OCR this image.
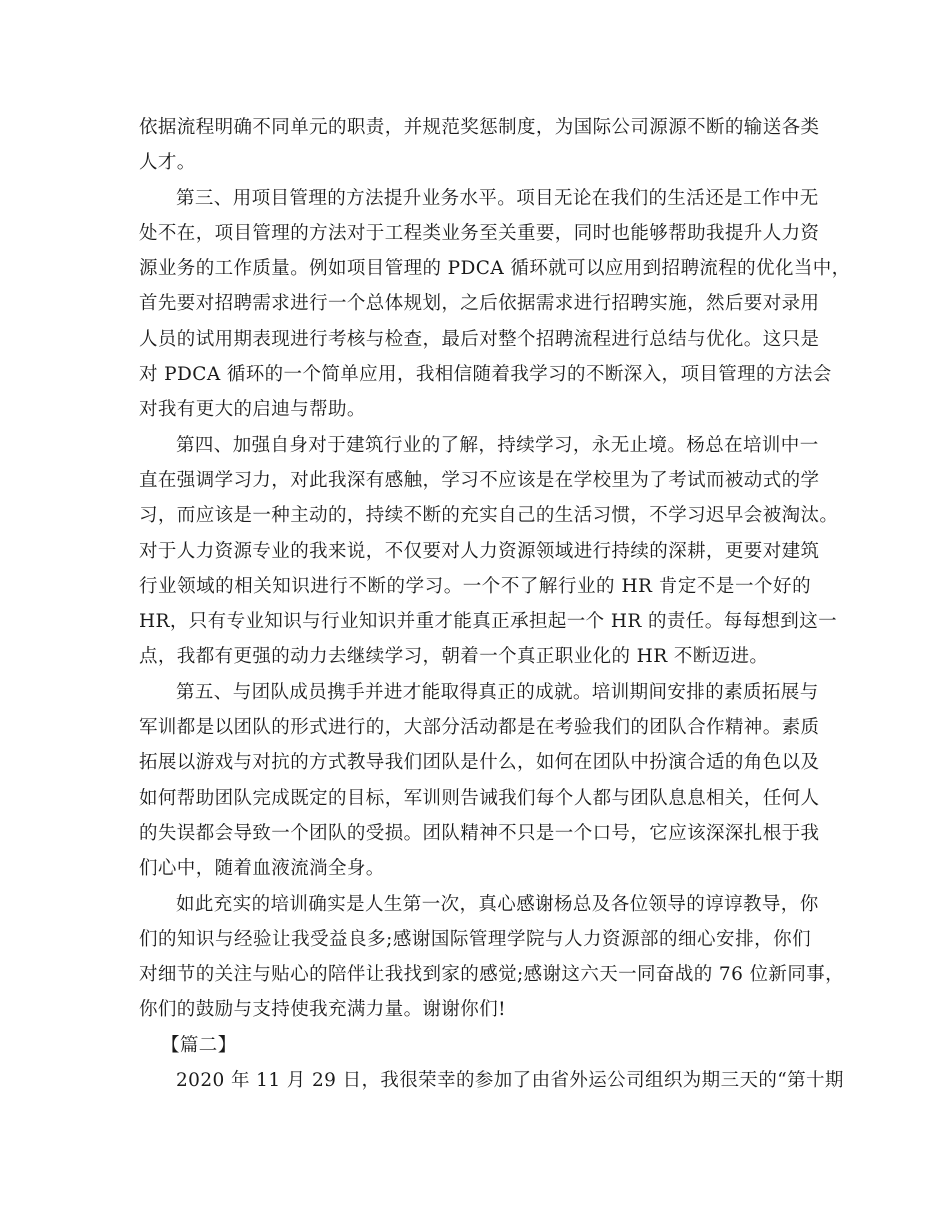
依据流程明确不同单元的职责，并规范奖惩制度，为国际公司源源不断的输送各类
人才。
第三、用项目管理的方法提升业务水平。项目无论在我们的生活还是工作中无
处不在，项目管理的方法对于工程类业务至关重要，同时也能够帮助我提升人力资
源业务的工作质量。例如项目管理的 PDCA 循环就可以应用到招聘流程的优化当中，
首先要对招聘需求进行一个总体规划，之后依据需求进行招聘实施，然后要对录用
人员的试用期表现进行考核与检查，最后对整个招聘流程进行总结与优化。这只是
对 PDCA 循环的一个简单应用，我相信随着我学习的不断深入，项目管理的方法会
对我有更大的启迪与帮助。
第四、加强自身对于建筑行业的了解，持续学习，永无止境。杨总在培训中一
直在强调学习力，对此我深有感触，学习不应该是在学校里为了考试而被动式的学
习，而应该是一种主动的，持续不断的充实自己的生活习惯，不学习迟早会被淘汰。
对于人力资源专业的我来说，不仅要对人力资源领域进行持续的深耕，更要对建筑
行业领域的相关知识进行不断的学习。一个不了解行业的 HR 肯定不是一个好的
HR，只有专业知识与行业知识并重才能真正承担起一个 HR 的责任。每每想到这一
点，我都有更强的动力去继续学习，朝着一个真正职业化的 HR 不断迈进。
第五、与团队成员携手并进才能取得真正的成就。培训期间安排的素质拓展与
军训都是以团队的形式进行的，大部分活动都是在考验我们的团队合作精神。素质
拓展以游戏与对抗的方式教导我们团队是什么，如何在团队中扮演合适的角色以及
如何帮助团队完成既定的目标，军训则告诫我们每个人都与团队息息相关，任何人
的失误都会导致一个团队的受损。团队精神不只是一个口号，它应该深深扎根于我
们心中，随着血液流淌全身。
如此充实的培训确实是人生第一次，真心感谢杨总及各位领导的谆谆教导，你
们的知识与经验让我受益良多;感谢国际管理学院与人力资源部的细心安排，你们
对细节的关注与贴心的陪伴让我找到家的感觉;感谢这六天一同奋战的 76 位新同事，
你们的鼓励与支持使我充满力量。谢谢你们!
【篇二】
2020 年 11 月 29 日，我很荣幸的参加了由省外运公司组织为期三天的“第十期
